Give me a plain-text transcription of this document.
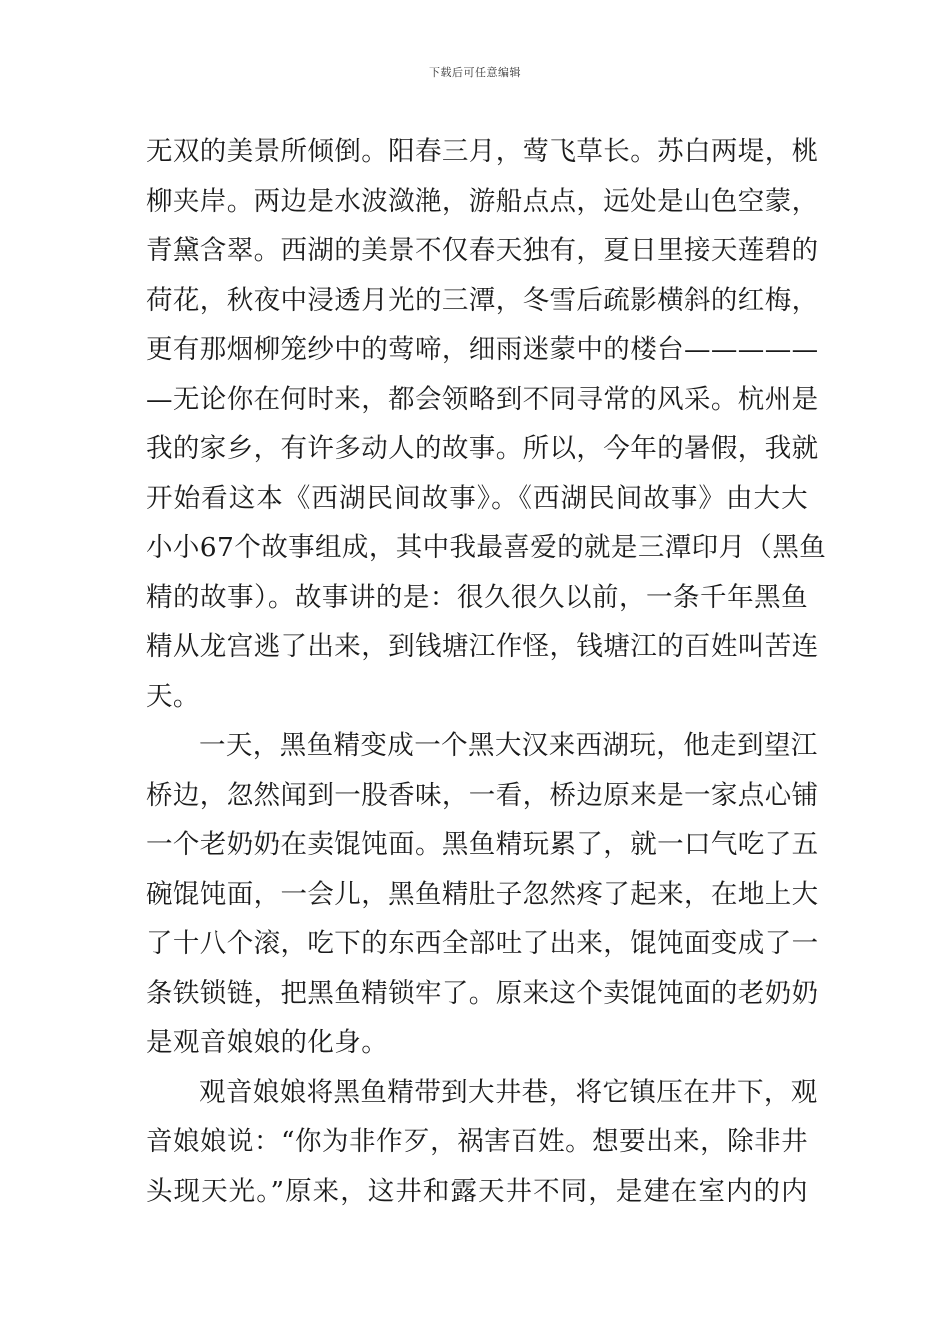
下载后可任意编辑
无双的美景所倾倒。阳春三月，莺飞草长。苏白两堤，桃
柳夹岸。两边是水波潋滟，游船点点，远处是山色空蒙，
青黛含翠。西湖的美景不仅春天独有，夏日里接天莲碧的
荷花，秋夜中浸透月光的三潭，冬雪后疏影横斜的红梅，
更有那烟柳笼纱中的莺啼，细雨迷蒙中的楼台—————
—无论你在何时来，都会领略到不同寻常的风采。杭州是
我的家乡，有许多动人的故事。所以，今年的暑假，我就
开始看这本《西湖民间故事》。《西湖民间故事》由大大
小小67个故事组成，其中我最喜爱的就是三潭印月（黑鱼
精的故事）。故事讲的是：很久很久以前，一条千年黑鱼
精从龙宫逃了出来，到钱塘江作怪，钱塘江的百姓叫苦连
天。
一天，黑鱼精变成一个黑大汉来西湖玩，他走到望江
桥边，忽然闻到一股香味，一看，桥边原来是一家点心铺
一个老奶奶在卖馄饨面。黑鱼精玩累了，就一口气吃了五
碗馄饨面，一会儿，黑鱼精肚子忽然疼了起来，在地上大
了十八个滚，吃下的东西全部吐了出来，馄饨面变成了一
条铁锁链，把黑鱼精锁牢了。原来这个卖馄饨面的老奶奶
是观音娘娘的化身。
观音娘娘将黑鱼精带到大井巷，将它镇压在井下，观
音娘娘说：“你为非作歹，祸害百姓。想要出来，除非井
头现天光。”原来，这井和露天井不同，是建在室内的内
